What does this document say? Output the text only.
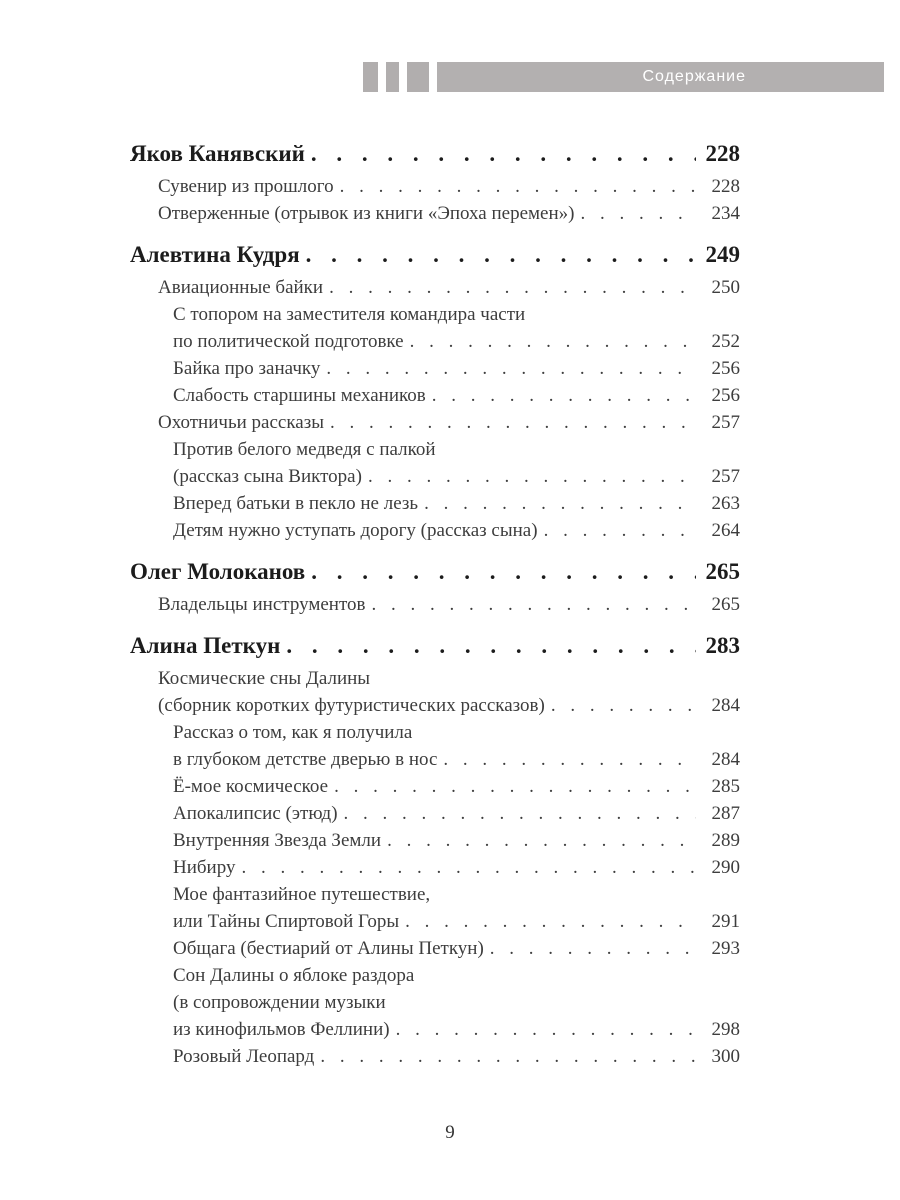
Содержание
Яков Канявский . . .	228
Сувенир из прошлого . . .	228
Отверженные (отрывок из книги «Эпоха перемен») . . .	234
Алевтина Кудря . . .	249
Авиационные байки . . .	250
С топором на заместителя командира части
по политической подготовке . . .	252
Байка про заначку . . .	256
Слабость старшины механиков . . .	256
Охотничьи рассказы . . .	257
Против белого медведя с палкой
(рассказ сына Виктора) . . .	257
Вперед батьки в пекло не лезь . . .	263
Детям нужно уступать дорогу (рассказ сына) . . .	264
Олег Молоканов . . .	265
Владельцы инструментов . . .	265
Алина Петкун . . .	283
Космические сны Далины
(сборник коротких футуристических рассказов) . . .	284
Рассказ о том, как я получила
в глубоком детстве дверью в нос . . .	284
Ё-мое космическое . . .	285
Апокалипсис (этюд) . . .	287
Внутренняя Звезда Земли . . .	289
Нибиру . . .	290
Мое фантазийное путешествие,
или Тайны Спиртовой Горы . . .	291
Общага (бестиарий от Алины Петкун) . . .	293
Сон Далины о яблоке раздора
(в сопровождении музыки
из кинофильмов Феллини) . . .	298
Розовый Леопард . . .	300
9
